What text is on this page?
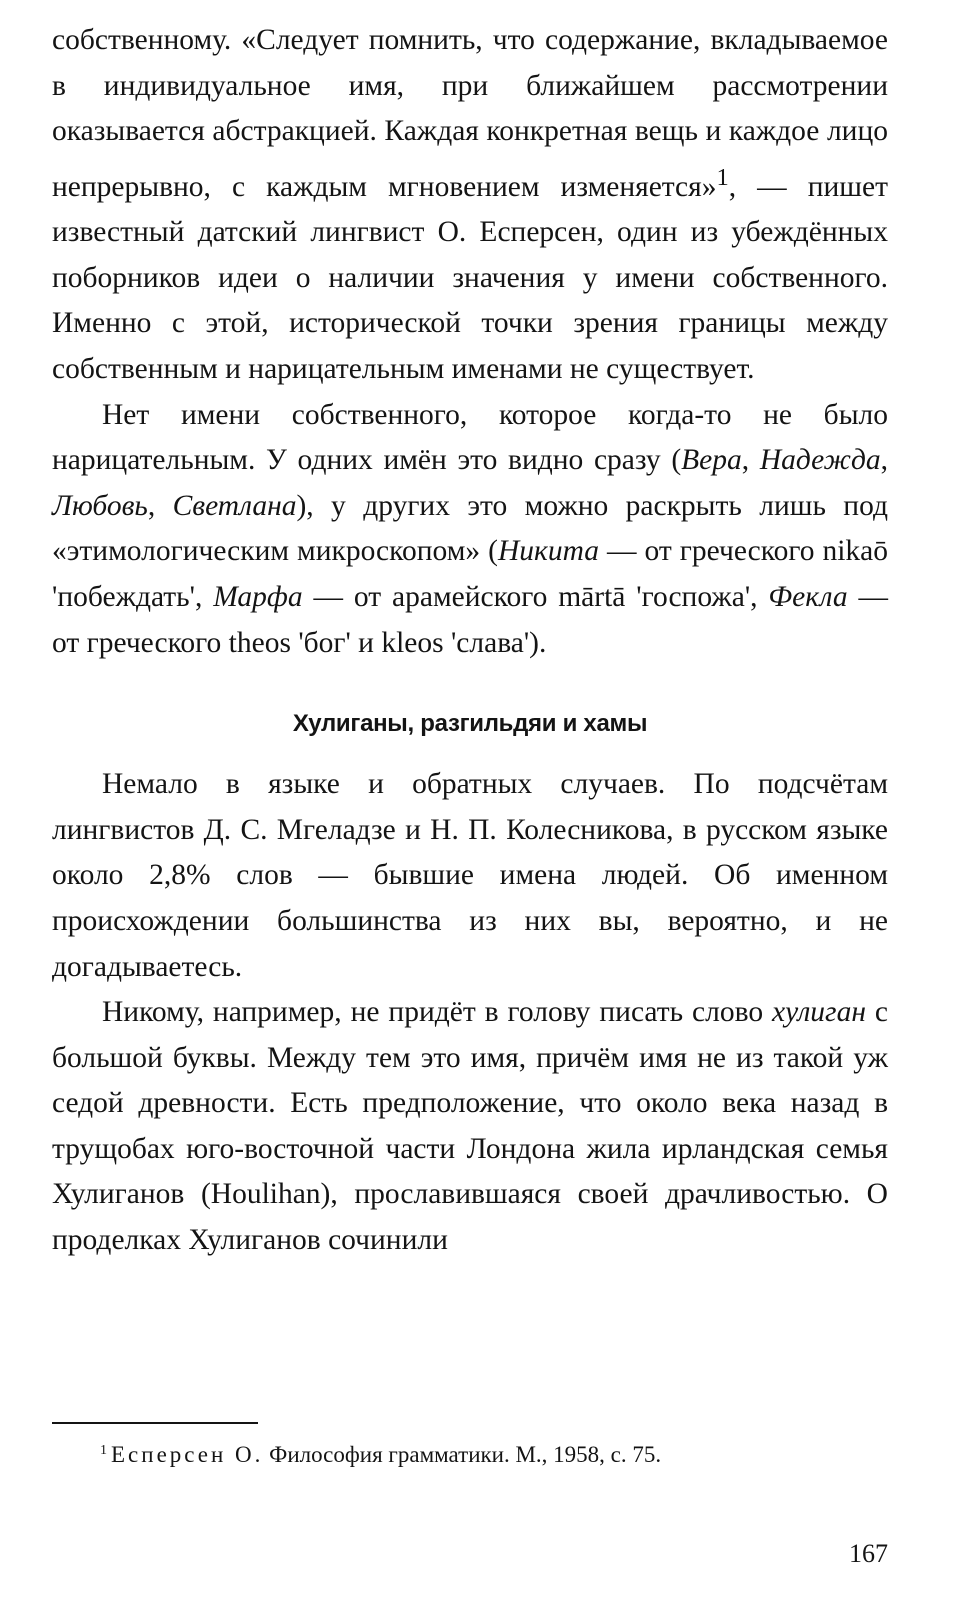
собственному. «Следует помнить, что содержание, вкладываемое в индивидуальное имя, при ближайшем рассмотрении оказывается абстракцией. Каждая конкретная вещь и каждое лицо непрерывно, с каждым мгновением изменяется»$^1$, — пишет известный датский лингвист О. Есперсен, один из убеждённых поборников идеи о наличии значения у имени собственного. Именно с этой, исторической точки зрения границы между собственным и нарицательным именами не существует.

Нет имени собственного, которое когда-то не было нарицательным. У одних имён это видно сразу (Вера, Надежда, Любовь, Светлана), у других это можно раскрыть лишь под «этимологическим микроскопом» (Никита — от греческого nikaō 'побеждать', Марфа — от арамейского mārtā 'госпожа', Фекла — от греческого theos 'бог' и kleos 'слава').

Хулиганы, разгильдяи и хамы

Немало в языке и обратных случаев. По подсчётам лингвистов Д. С. Мгеладзе и Н. П. Колесникова, в русском языке около 2,8% слов — бывшие имена людей. Об именном происхождении большинства из них вы, вероятно, и не догадываетесь.

Никому, например, не придёт в голову писать слово хулиган с большой буквы. Между тем это имя, причём имя не из такой уж седой древности. Есть предположение, что около века назад в трущобах юго-восточной части Лондона жила ирландская семья Хулиганов (Houlihan), прославившаяся своей драчливостью. О проделках Хулиганов сочинили

$^1$ Есперсен О. Философия грамматики. М., 1958, с. 75.
167
